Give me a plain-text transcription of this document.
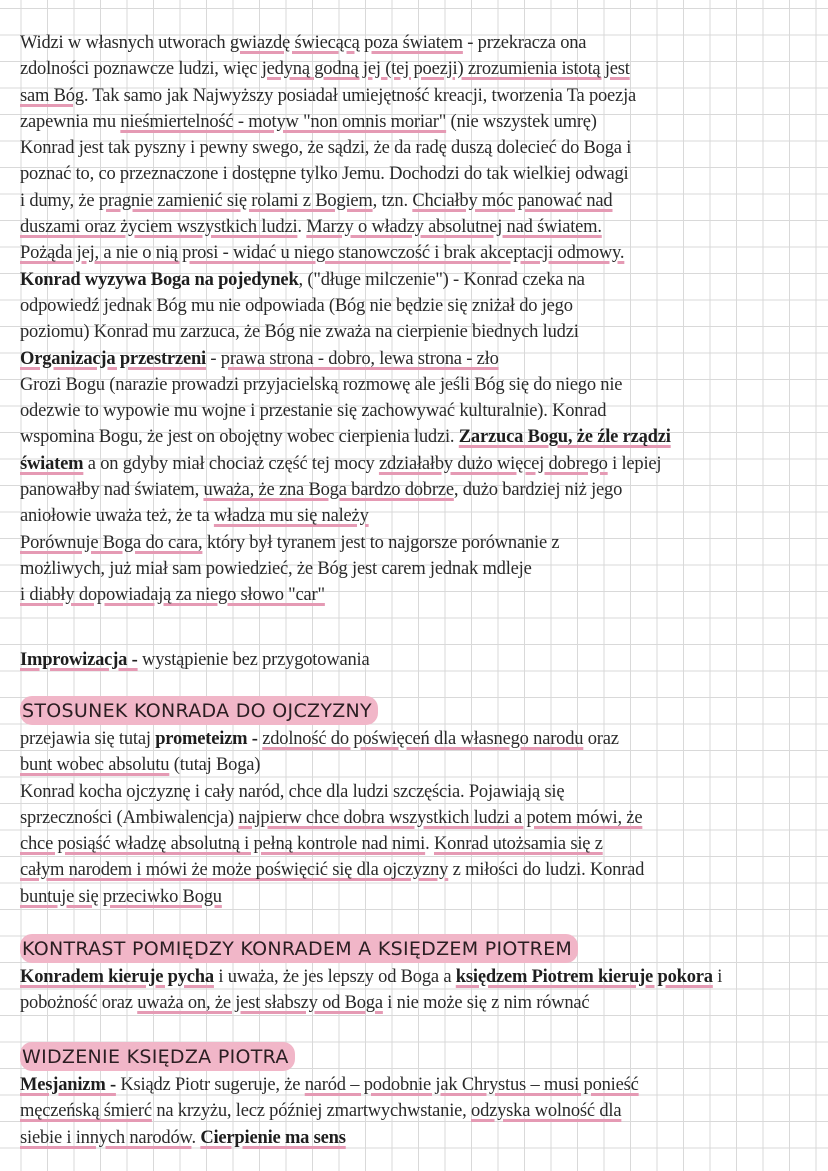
Widzi w własnych utworach gwiazdę świecącą poza światem - przekracza ona
zdolności poznawcze ludzi, więc jedyną godną jej (tej poezji) zrozumienia istotą jest
sam Bóg. Tak samo jak Najwyższy posiadał umiejętność kreacji, tworzenia Ta poezja
zapewnia mu nieśmiertelność - motyw "non omnis moriar" (nie wszystek umrę)
Konrad jest tak pyszny i pewny swego, że sądzi, że da radę duszą dolecieć do Boga i
poznać to, co przeznaczone i dostępne tylko Jemu. Dochodzi do tak wielkiej odwagi
i dumy, że pragnie zamienić się rolami z Bogiem, tzn. Chciałby móc panować nad
duszami oraz życiem wszystkich ludzi. Marzy o władzy absolutnej nad światem.
Pożąda jej, a nie o nią prosi - widać u niego stanowczość i brak akceptacji odmowy.
Konrad wyzywa Boga na pojedynek, ("długe milczenie") - Konrad czeka na
odpowiedź jednak Bóg mu nie odpowiada (Bóg nie będzie się zniżał do jego
poziomu) Konrad mu zarzuca, że Bóg nie zważa na cierpienie biednych ludzi
Organizacja przestrzeni - prawa strona - dobro, lewa strona - zło
Grozi Bogu (narazie prowadzi przyjacielską rozmowę ale jeśli Bóg się do niego nie
odezwie to wypowie mu wojne i przestanie się zachowywać kulturalnie). Konrad
wspomina Bogu, że jest on obojętny wobec cierpienia ludzi. Zarzuca Bogu, że źle rządzi
światem a on gdyby miał chociaż część tej mocy zdziałałby dużo więcej dobrego i lepiej
panowałby nad światem, uważa, że zna Boga bardzo dobrze, dużo bardziej niż jego
aniołowie uważa też, że ta władza mu się należy
Porównuje Boga do cara, który był tyranem jest to najgorsze porównanie z
możliwych, już miał sam powiedzieć, że Bóg jest carem jednak mdleje
i diabły dopowiadają za niego słowo "car"
Improwizacja - wystąpienie bez przygotowania
STOSUNEK KONRADA DO OJCZYZNY
przejawia się tutaj prometeizm - zdolność do poświęceń dla własnego narodu oraz
bunt wobec absolutu (tutaj Boga)
Konrad kocha ojczyznę i cały naród, chce dla ludzi szczęścia. Pojawiają się
sprzeczności (Ambiwalencja) najpierw chce dobra wszystkich ludzi a potem mówi, że
chce posiąść władzę absolutną i pełną kontrole nad nimi. Konrad utożsamia się z
całym narodem i mówi że może poświęcić się dla ojczyzny z miłości do ludzi. Konrad
buntuje się przeciwko Bogu
KONTRAST POMIĘDZY KONRADEM A KSIĘDZEM PIOTREM
Konradem kieruje pycha i uważa, że jes lepszy od Boga a księdzem Piotrem kieruje pokora i
pobożność oraz uważa on, że jest słabszy od Boga i nie może się z nim równać
WIDZENIE KSIĘDZA PIOTRA
Mesjanizm - Ksiądz Piotr sugeruje, że naród – podobnie jak Chrystus – musi ponieść
męczeńską śmierć na krzyżu, lecz później zmartwychwstanie, odzyska wolność dla
siebie i innych narodów. Cierpienie ma sens
